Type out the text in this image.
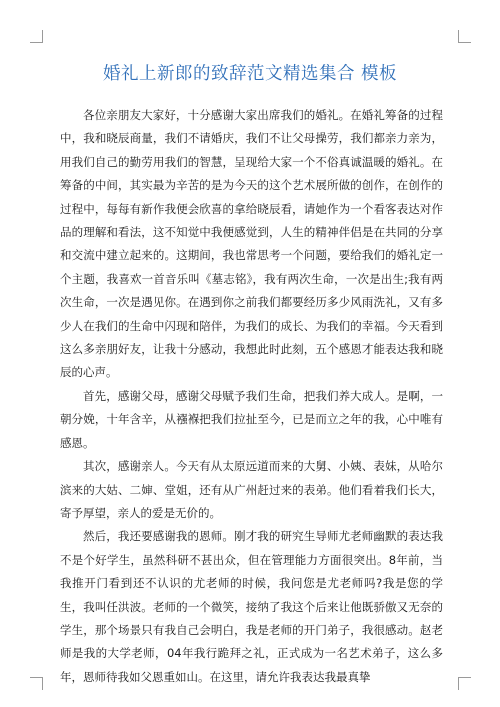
婚礼上新郎的致辞范文精选集合 模板

各位亲朋友大家好，十分感谢大家出席我们的婚礼。在婚礼筹备的过程中，我和晓辰商量，我们不请婚庆，我们不让父母操劳，我们都亲力亲为，用我们自己的勤劳用我们的智慧，呈现给大家一个不俗真诚温暖的婚礼。在筹备的中间，其实最为辛苦的是为今天的这个艺术展所做的创作，在创作的过程中，每每有新作我便会欣喜的拿给晓辰看，请她作为一个看客表达对作品的理解和看法，这不知觉中我便感觉到，人生的精神伴侣是在共同的分享和交流中建立起来的。这期间，我也常思考一个问题，要给我们的婚礼定一个主题，我喜欢一首音乐叫《墓志铭》，我有两次生命，一次是出生;我有两次生命，一次是遇见你。在遇到你之前我们都要经历多少风雨洗礼，又有多少人在我们的生命中闪现和陪伴，为我们的成长、为我们的幸福。今天看到这么多亲朋好友，让我十分感动，我想此时此刻，五个感恩才能表达我和晓辰的心声。

首先，感谢父母，感谢父母赋予我们生命，把我们养大成人。是啊，一朝分娩，十年含辛，从襁褓把我们拉扯至今，已是而立之年的我，心中唯有感恩。

其次，感谢亲人。今天有从太原远道而来的大舅、小姨、表妹，从哈尔滨来的大姑、二婶、堂姐，还有从广州赶过来的表弟。他们看着我们长大，寄予厚望，亲人的爱是无价的。

然后，我还要感谢我的恩师。刚才我的研究生导师尤老师幽默的表达我不是个好学生，虽然科研不甚出众，但在管理能力方面很突出。8年前，当我推开门看到还不认识的尤老师的时候，我问您是尤老师吗?我是您的学生，我叫任洪波。老师的一个微笑，接纳了我这个后来让他既骄傲又无奈的学生，那个场景只有我自己会明白，我是老师的开门弟子，我很感动。赵老师是我的大学老师，04年我行跪拜之礼，正式成为一名艺术弟子，这么多年，恩师待我如父恩重如山。在这里，请允许我表达我最真挚
